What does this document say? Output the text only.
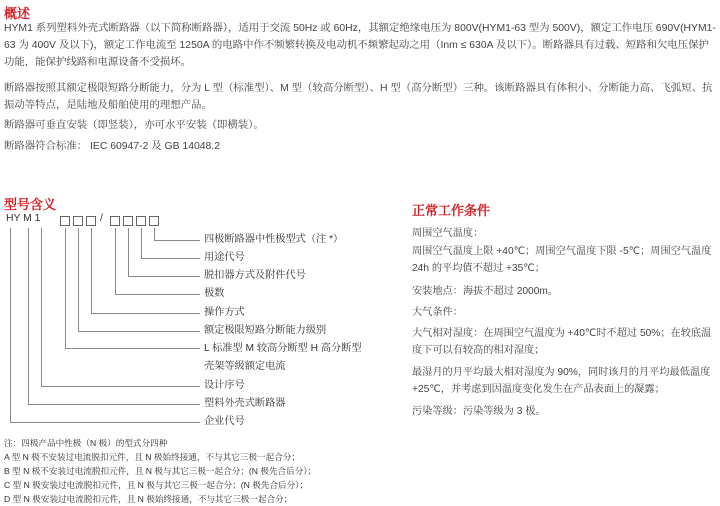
概述

HYM1 系列塑料外壳式断路器（以下简称断路器），适用于交流 50Hz 或 60Hz，其额定绝缘电压为 800V(HYM1-63 型为 500V)，额定工作电压 690V(HYM1-63 为 400V 及以下)，额定工作电流至 1250A 的电路中作不频繁转换及电动机不频繁起动之用（Inm ≤ 630A 及以下）。断路器具有过载、短路和欠电压保护功能，能保护线路和电源设备不受损坏。

断路器按照其额定极限短路分断能力，分为 L 型（标准型）、M 型（较高分断型）、H 型（高分断型）三种。该断路器具有体积小、分断能力高、飞弧短、抗振动等特点，是陆地及船舶使用的理想产品。

断路器可垂直安装（即竖装），亦可水平安装（即横装）。

断路器符合标准： IEC 60947-2 及 GB 14048.2

型号含义
HY M 1	/
四极断路器中性极型式（注 *）
用途代号
脱扣器方式及附件代号
极数
操作方式
额定极限短路分断能力级别
L 标准型 M 较高分断型 H 高分断型
壳架等级额定电流
设计序号
塑料外壳式断路器
企业代号
注：四极产品中性极（N 极）的型式分四种
A 型 N 极不安装过电流脱扣元件，且 N 极始终接通，不与其它三极一起合分；
B 型 N 极不安装过电流脱扣元件，且 N 极与其它三极一起合分；(N 极先合后分）；
C 型 N 极安装过电流脱扣元件，且 N 极与其它三极一起合分；(N 极先合后分）；
D 型 N 极安装过电流脱扣元件，且 N 极始终接通，不与其它三极一起合分；
正常工作条件

周围空气温度：

周围空气温度上限 +40℃；周围空气温度下限 -5℃；周围空气温度 24h 的平均值不超过 +35℃；

安装地点：海拔不超过 2000m。

大气条件：

大气相对湿度：在周围空气温度为 +40℃时不超过 50%；在较底温度下可以有较高的相对湿度；

最湿月的月平均最大相对湿度为 90%，同时该月的月平均最低温度 +25℃，并考虑到因温度变化发生在产品表面上的凝露；

污染等级：污染等级为 3 极。
